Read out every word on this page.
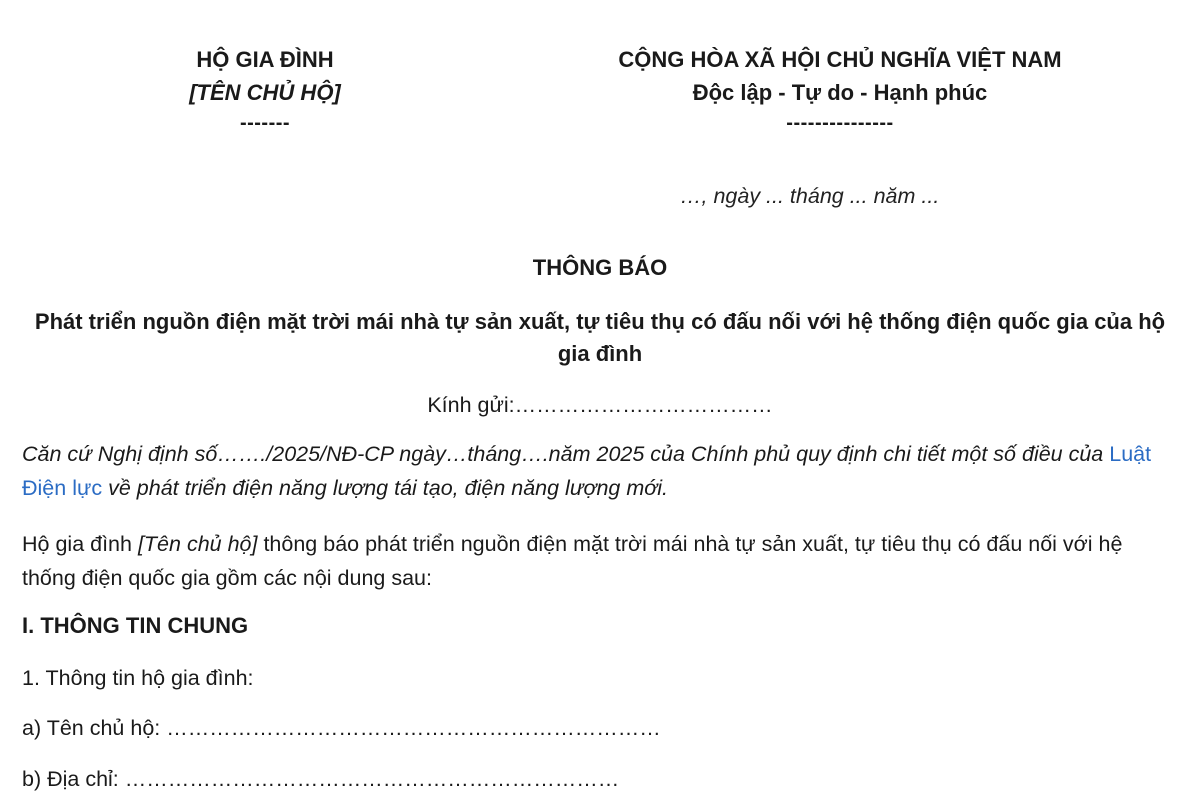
HỘ GIA ĐÌNH
[TÊN CHỦ HỘ]
-------
CỘNG HÒA XÃ HỘI CHỦ NGHĨA VIỆT NAM
Độc lập - Tự do - Hạnh phúc
---------------
…, ngày ... tháng ... năm ...
THÔNG BÁO
Phát triển nguồn điện mặt trời mái nhà tự sản xuất, tự tiêu thụ có đấu nối với hệ thống điện quốc gia của hộ gia đình
Kính gửi:………………………………
Căn cứ Nghị định số……./2025/NĐ-CP ngày…tháng….năm 2025 của Chính phủ quy định chi tiết một số điều của Luật Điện lực về phát triển điện năng lượng tái tạo, điện năng lượng mới.
Hộ gia đình [Tên chủ hộ] thông báo phát triển nguồn điện mặt trời mái nhà tự sản xuất, tự tiêu thụ có đấu nối với hệ thống điện quốc gia gồm các nội dung sau:
I. THÔNG TIN CHUNG
1. Thông tin hộ gia đình:
a) Tên chủ hộ: ……………………………………………………………
b) Địa chỉ: ……………………………………………………………
